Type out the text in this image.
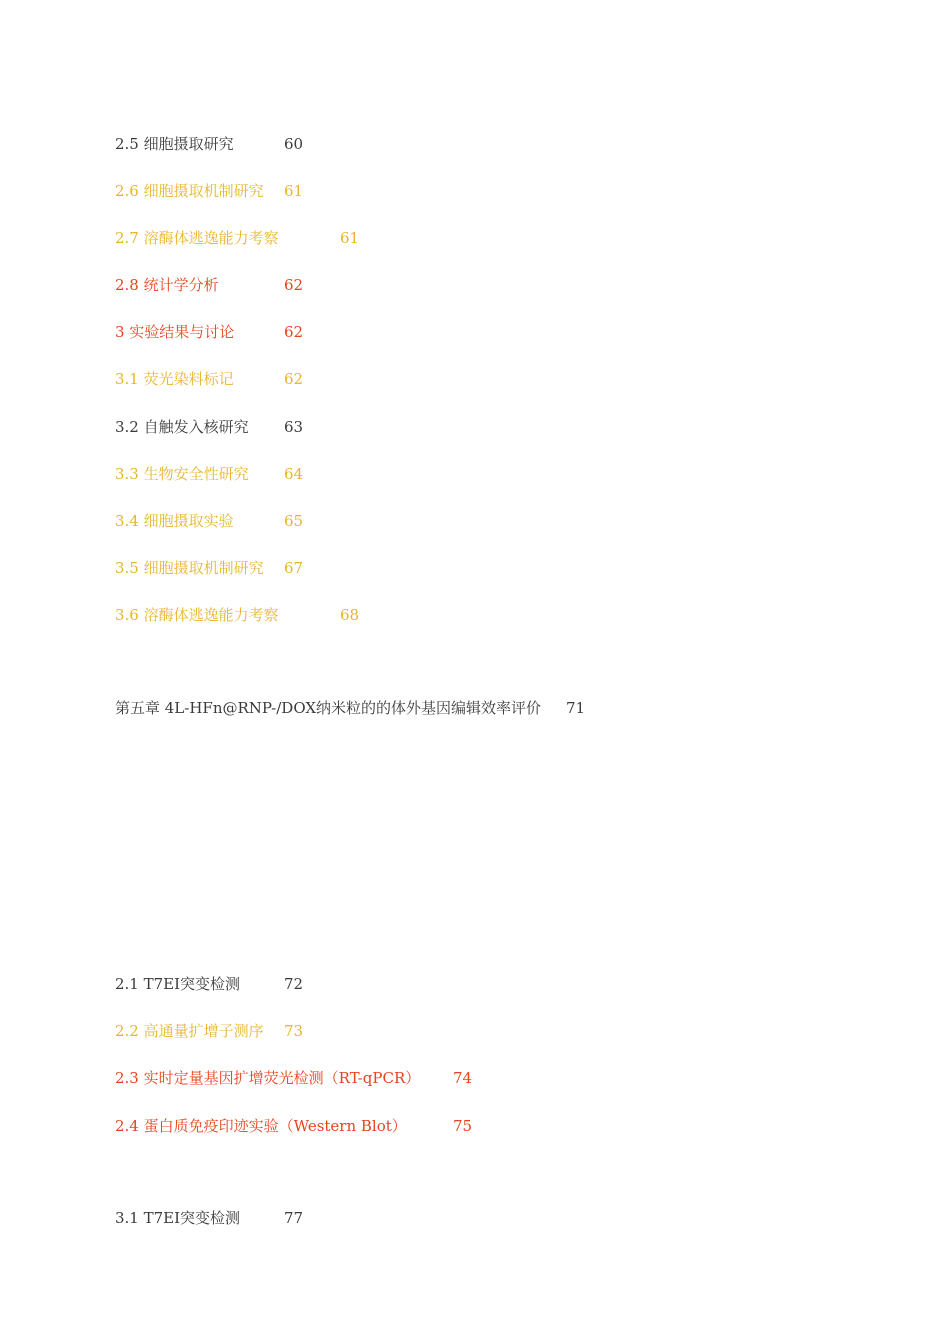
2.5 细胞摄取研究	60
2.6 细胞摄取机制研究 61
2.7 溶酶体逃逸能力考察	61
2.8 统计学分析	62
3 实验结果与讨论	62
3.1 荧光染料标记	62
3.2 自触发入核研究 63
3.3 生物安全性研究 64
3.4 细胞摄取实验	65
3.5 细胞摄取机制研究 67
3.6 溶酶体逃逸能力考察	68
第五章 4L-HFn@RNP-/DOX纳米粒的的体外基因编辑效率评价 71
2.1 T7EI突变检测	72
2.2 高通量扩增子测序 73
2.3 实时定量基因扩增荧光检测（RT-qPCR） 74
2.4 蛋白质免疫印迹实验（Western Blot）	75
3.1 T7EI突变检测	77
